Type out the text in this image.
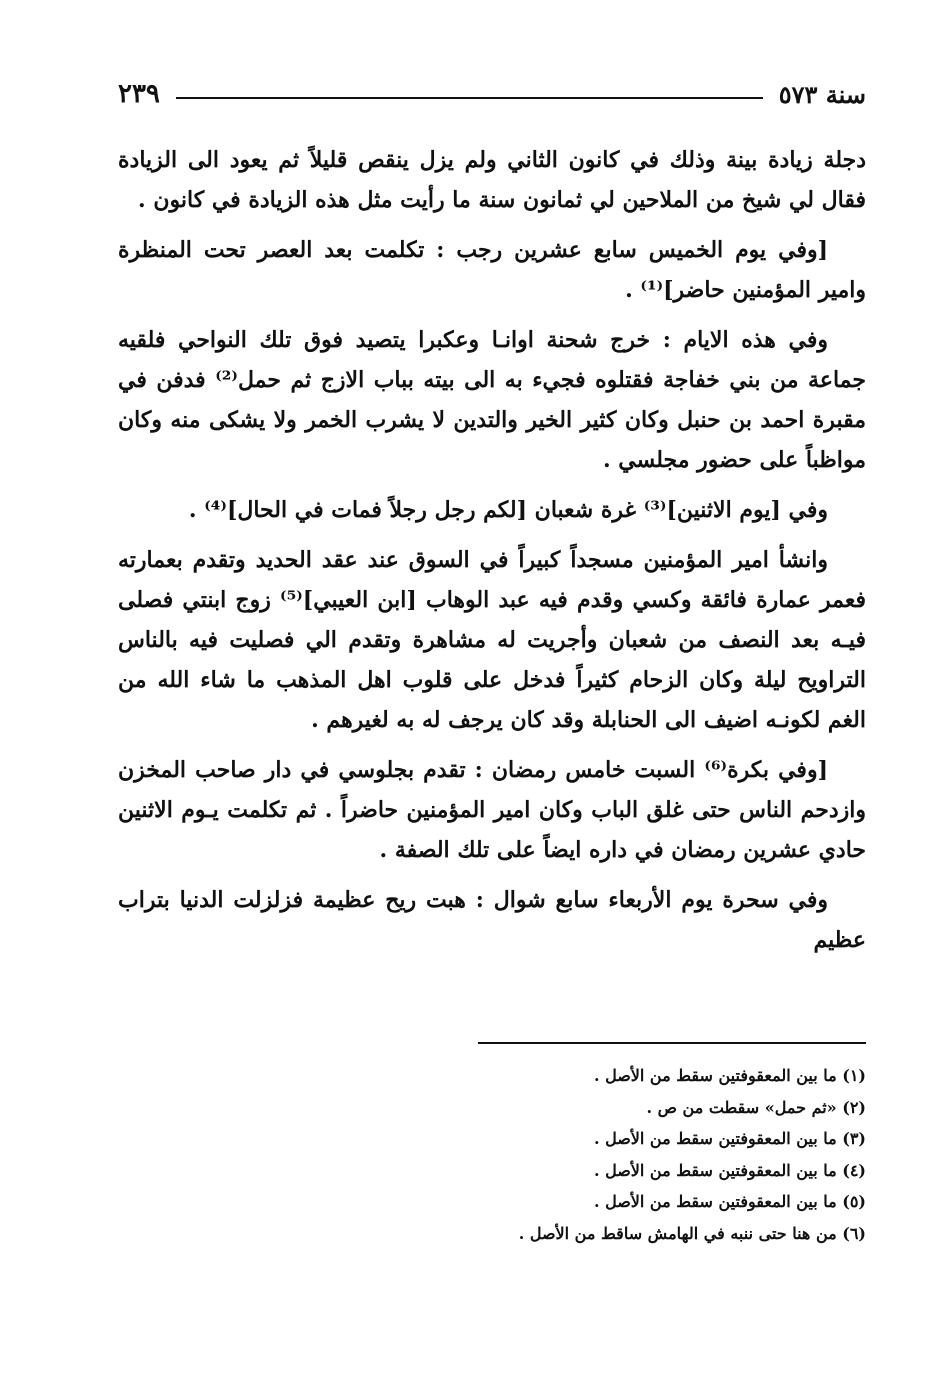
سنة ٥٧٣
٢٣٩

دجلة زيادة بينة وذلك في كانون الثاني ولم يزل ينقص قليلاً ثم يعود الى الزيادة فقال لي شيخ من الملاحين لي ثمانون سنة ما رأيت مثل هذه الزيادة في كانون .

[وفي يوم الخميس سابع عشرين رجب : تكلمت بعد العصر تحت المنظرة وامير المؤمنين حاضر]⁽¹⁾ .

وفي هذه الايام : خرج شحنة اوانـا وعكبرا يتصيد فوق تلك النواحي فلقيه جماعة من بني خفاجة فقتلوه فجيء به الى بيته بباب الازج ثم حمل⁽²⁾ فدفن في مقبرة احمد بن حنبل وكان كثير الخير والتدين لا يشرب الخمر ولا يشكى منه وكان مواظباً على حضور مجلسي .

وفي [يوم الاثنين]⁽³⁾ غرة شعبان [لكم رجل رجلاً فمات في الحال]⁽⁴⁾ .

وانشأ امير المؤمنين مسجداً كبيراً في السوق عند عقد الحديد وتقدم بعمارته فعمر عمارة فائقة وكسي وقدم فيه عبد الوهاب [ابن العيبي]⁽⁵⁾ زوج ابنتي فصلى فيـه بعد النصف من شعبان وأجريت له مشاهرة وتقدم الي فصليت فيه بالناس التراويح ليلة وكان الزحام كثيراً فدخل على قلوب اهل المذهب ما شاء الله من الغم لكونـه اضيف الى الحنابلة وقد كان يرجف له به لغيرهم .

[وفي بكرة⁽⁶⁾ السبت خامس رمضان : تقدم بجلوسي في دار صاحب المخزن وازدحم الناس حتى غلق الباب وكان امير المؤمنين حاضراً . ثم تكلمت يـوم الاثنين حادي عشرين رمضان في داره ايضاً على تلك الصفة .

وفي سحرة يوم الأربعاء سابع شوال : هبت ريح عظيمة فزلزلت الدنيا بتراب عظيم

(١) ما بين المعقوفتين سقط من الأصل .

(٢) «ثم حمل» سقطت من ص .

(٣) ما بين المعقوفتين سقط من الأصل .

(٤) ما بين المعقوفتين سقط من الأصل .

(٥) ما بين المعقوفتين سقط من الأصل .

(٦) من هنا حتى ننبه في الهامش ساقط من الأصل .
